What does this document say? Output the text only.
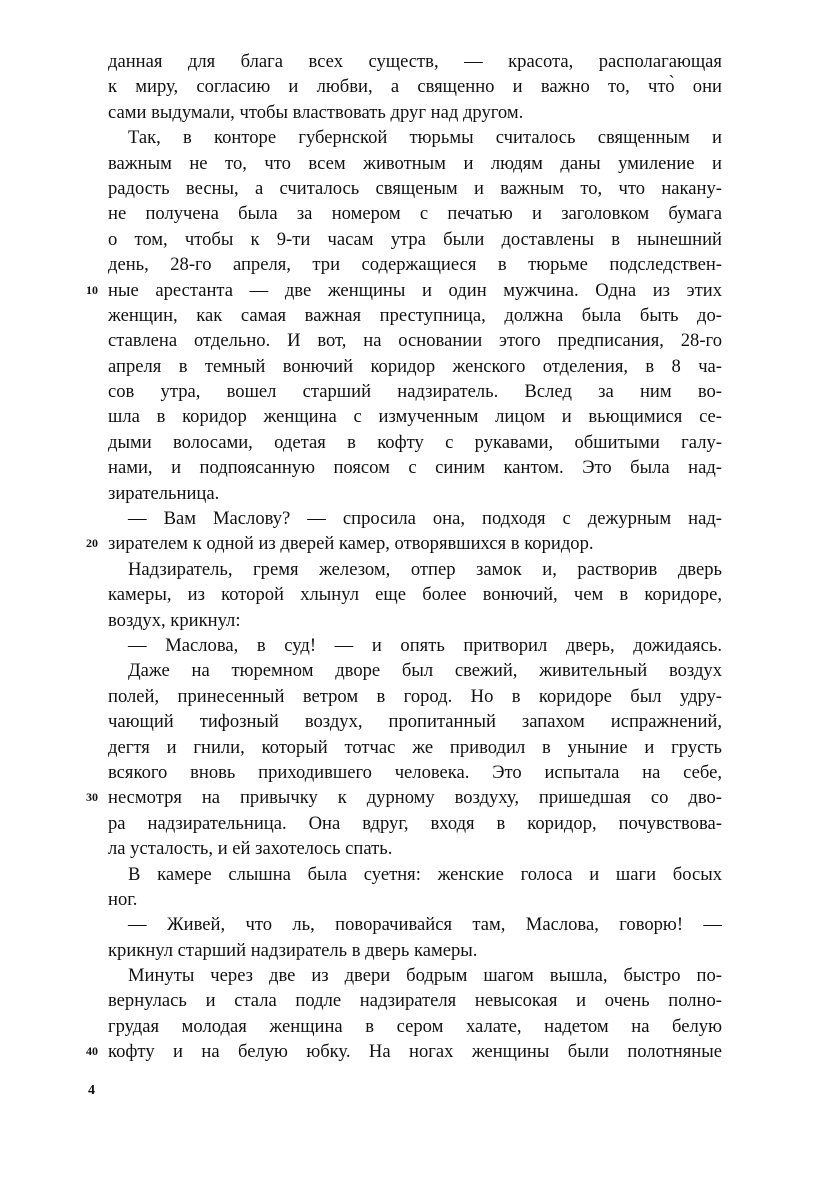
данная для блага всех существ, — красота, располагающая
к миру, согласию и любви, а священно и важно то, что̀ они
сами выдумали, чтобы властвовать друг над другом.
Так, в конторе губернской тюрьмы считалось священным и
важным не то, что всем животным и людям даны умиление и
радость весны, а считалось священым и важным то, что накану-
не получена была за номером с печатью и заголовком бумага
о том, чтобы к 9-ти часам утра были доставлены в нынешний
день, 28-го апреля, три содержащиеся в тюрьме подследствен-
ные арестанта — две женщины и один мужчина. Одна из этих
10
женщин, как самая важная преступница, должна была быть до-
ставлена отдельно. И вот, на основании этого предписания, 28-го
апреля в темный вонючий коридор женского отделения, в 8 ча-
сов утра, вошел старший надзиратель. Вслед за ним во-
шла в коридор женщина с измученным лицом и вьющимися се-
дыми волосами, одетая в кофту с рукавами, обшитыми галу-
нами, и подпоясанную поясом с синим кантом. Это была над-
зирательница.
— Вам Маслову? — спросила она, подходя с дежурным над-
зирателем к одной из дверей камер, отворявшихся в коридор.
20
Надзиратель, гремя железом, отпер замок и, растворив дверь
камеры, из которой хлынул еще более вонючий, чем в коридоре,
воздух, крикнул:
— Маслова, в суд! — и опять притворил дверь, дожидаясь.
Даже на тюремном дворе был свежий, живительный воздух
полей, принесенный ветром в город. Но в коридоре был удру-
чающий тифозный воздух, пропитанный запахом испражнений,
дегтя и гнили, который тотчас же приводил в уныние и грусть
всякого вновь приходившего человека. Это испытала на себе,
несмотря на привычку к дурному воздуху, пришедшая со дво-
30
ра надзирательница. Она вдруг, входя в коридор, почувствова-
ла усталость, и ей захотелось спать.
В камере слышна была суетня: женские голоса и шаги босых
ног.
— Живей, что ль, поворачивайся там, Маслова, говорю! —
крикнул старший надзиратель в дверь камеры.
Минуты через две из двери бодрым шагом вышла, быстро по-
вернулась и стала подле надзирателя невысокая и очень полно-
грудая молодая женщина в сером халате, надетом на белую
кофту и на белую юбку. На ногах женщины были полотняные
40
4
